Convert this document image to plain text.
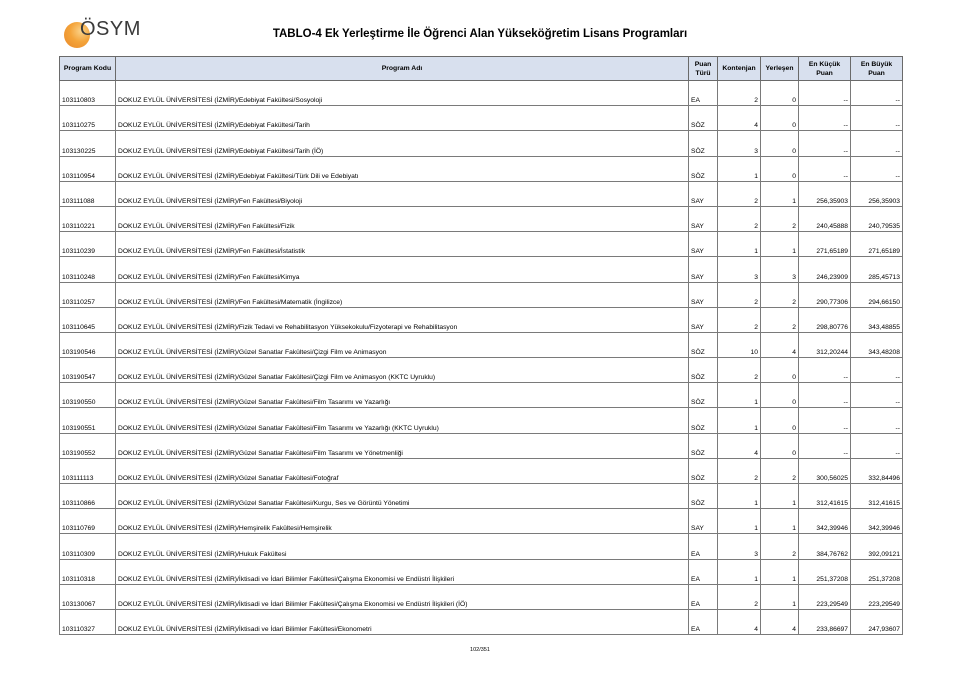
ÖSYM	TABLO-4 Ek Yerleştirme İle Öğrenci Alan Yükseköğretim Lisans Programları
Program Kodu	Program Adı	Puan Türü	Kontenjan	Yerleşen	En Küçük Puan	En Büyük Puan
103110803	DOKUZ EYLÜL ÜNİVERSİTESİ (İZMİR)/Edebiyat Fakültesi/Sosyoloji	EA	2	0	--	--
103110275	DOKUZ EYLÜL ÜNİVERSİTESİ (İZMİR)/Edebiyat Fakültesi/Tarih	SÖZ	4	0	--	--
103130225	DOKUZ EYLÜL ÜNİVERSİTESİ (İZMİR)/Edebiyat Fakültesi/Tarih (İÖ)	SÖZ	3	0	--	--
103110954	DOKUZ EYLÜL ÜNİVERSİTESİ (İZMİR)/Edebiyat Fakültesi/Türk Dili ve Edebiyatı	SÖZ	1	0	--	--
103111088	DOKUZ EYLÜL ÜNİVERSİTESİ (İZMİR)/Fen Fakültesi/Biyoloji	SAY	2	1	256,35903	256,35903
103110221	DOKUZ EYLÜL ÜNİVERSİTESİ (İZMİR)/Fen Fakültesi/Fizik	SAY	2	2	240,45888	240,79535
103110239	DOKUZ EYLÜL ÜNİVERSİTESİ (İZMİR)/Fen Fakültesi/İstatistik	SAY	1	1	271,65189	271,65189
103110248	DOKUZ EYLÜL ÜNİVERSİTESİ (İZMİR)/Fen Fakültesi/Kimya	SAY	3	3	246,23909	285,45713
103110257	DOKUZ EYLÜL ÜNİVERSİTESİ (İZMİR)/Fen Fakültesi/Matematik (İngilizce)	SAY	2	2	290,77306	294,66150
103110645	DOKUZ EYLÜL ÜNİVERSİTESİ (İZMİR)/Fizik Tedavi ve Rehabilitasyon Yüksekokulu/Fizyoterapi ve Rehabilitasyon	SAY	2	2	298,80776	343,48855
103190546	DOKUZ EYLÜL ÜNİVERSİTESİ (İZMİR)/Güzel Sanatlar Fakültesi/Çizgi Film ve Animasyon	SÖZ	10	4	312,20244	343,48208
103190547	DOKUZ EYLÜL ÜNİVERSİTESİ (İZMİR)/Güzel Sanatlar Fakültesi/Çizgi Film ve Animasyon (KKTC Uyruklu)	SÖZ	2	0	--	--
103190550	DOKUZ EYLÜL ÜNİVERSİTESİ (İZMİR)/Güzel Sanatlar Fakültesi/Film Tasarımı ve Yazarlığı	SÖZ	1	0	--	--
103190551	DOKUZ EYLÜL ÜNİVERSİTESİ (İZMİR)/Güzel Sanatlar Fakültesi/Film Tasarımı ve Yazarlığı (KKTC Uyruklu)	SÖZ	1	0	--	--
103190552	DOKUZ EYLÜL ÜNİVERSİTESİ (İZMİR)/Güzel Sanatlar Fakültesi/Film Tasarımı ve Yönetmenliği	SÖZ	4	0	--	--
103111113	DOKUZ EYLÜL ÜNİVERSİTESİ (İZMİR)/Güzel Sanatlar Fakültesi/Fotoğraf	SÖZ	2	2	300,56025	332,84496
103110866	DOKUZ EYLÜL ÜNİVERSİTESİ (İZMİR)/Güzel Sanatlar Fakültesi/Kurgu, Ses ve Görüntü Yönetimi	SÖZ	1	1	312,41615	312,41615
103110769	DOKUZ EYLÜL ÜNİVERSİTESİ (İZMİR)/Hemşirelik Fakültesi/Hemşirelik	SAY	1	1	342,39946	342,39946
103110309	DOKUZ EYLÜL ÜNİVERSİTESİ (İZMİR)/Hukuk Fakültesi	EA	3	2	384,76762	392,09121
103110318	DOKUZ EYLÜL ÜNİVERSİTESİ (İZMİR)/İktisadi ve İdari Bilimler Fakültesi/Çalışma Ekonomisi ve Endüstri İlişkileri	EA	1	1	251,37208	251,37208
103130067	DOKUZ EYLÜL ÜNİVERSİTESİ (İZMİR)/İktisadi ve İdari Bilimler Fakültesi/Çalışma Ekonomisi ve Endüstri İlişkileri (İÖ)	EA	2	1	223,29549	223,29549
103110327	DOKUZ EYLÜL ÜNİVERSİTESİ (İZMİR)/İktisadi ve İdari Bilimler Fakültesi/Ekonometri	EA	4	4	233,86697	247,93607
102/351
